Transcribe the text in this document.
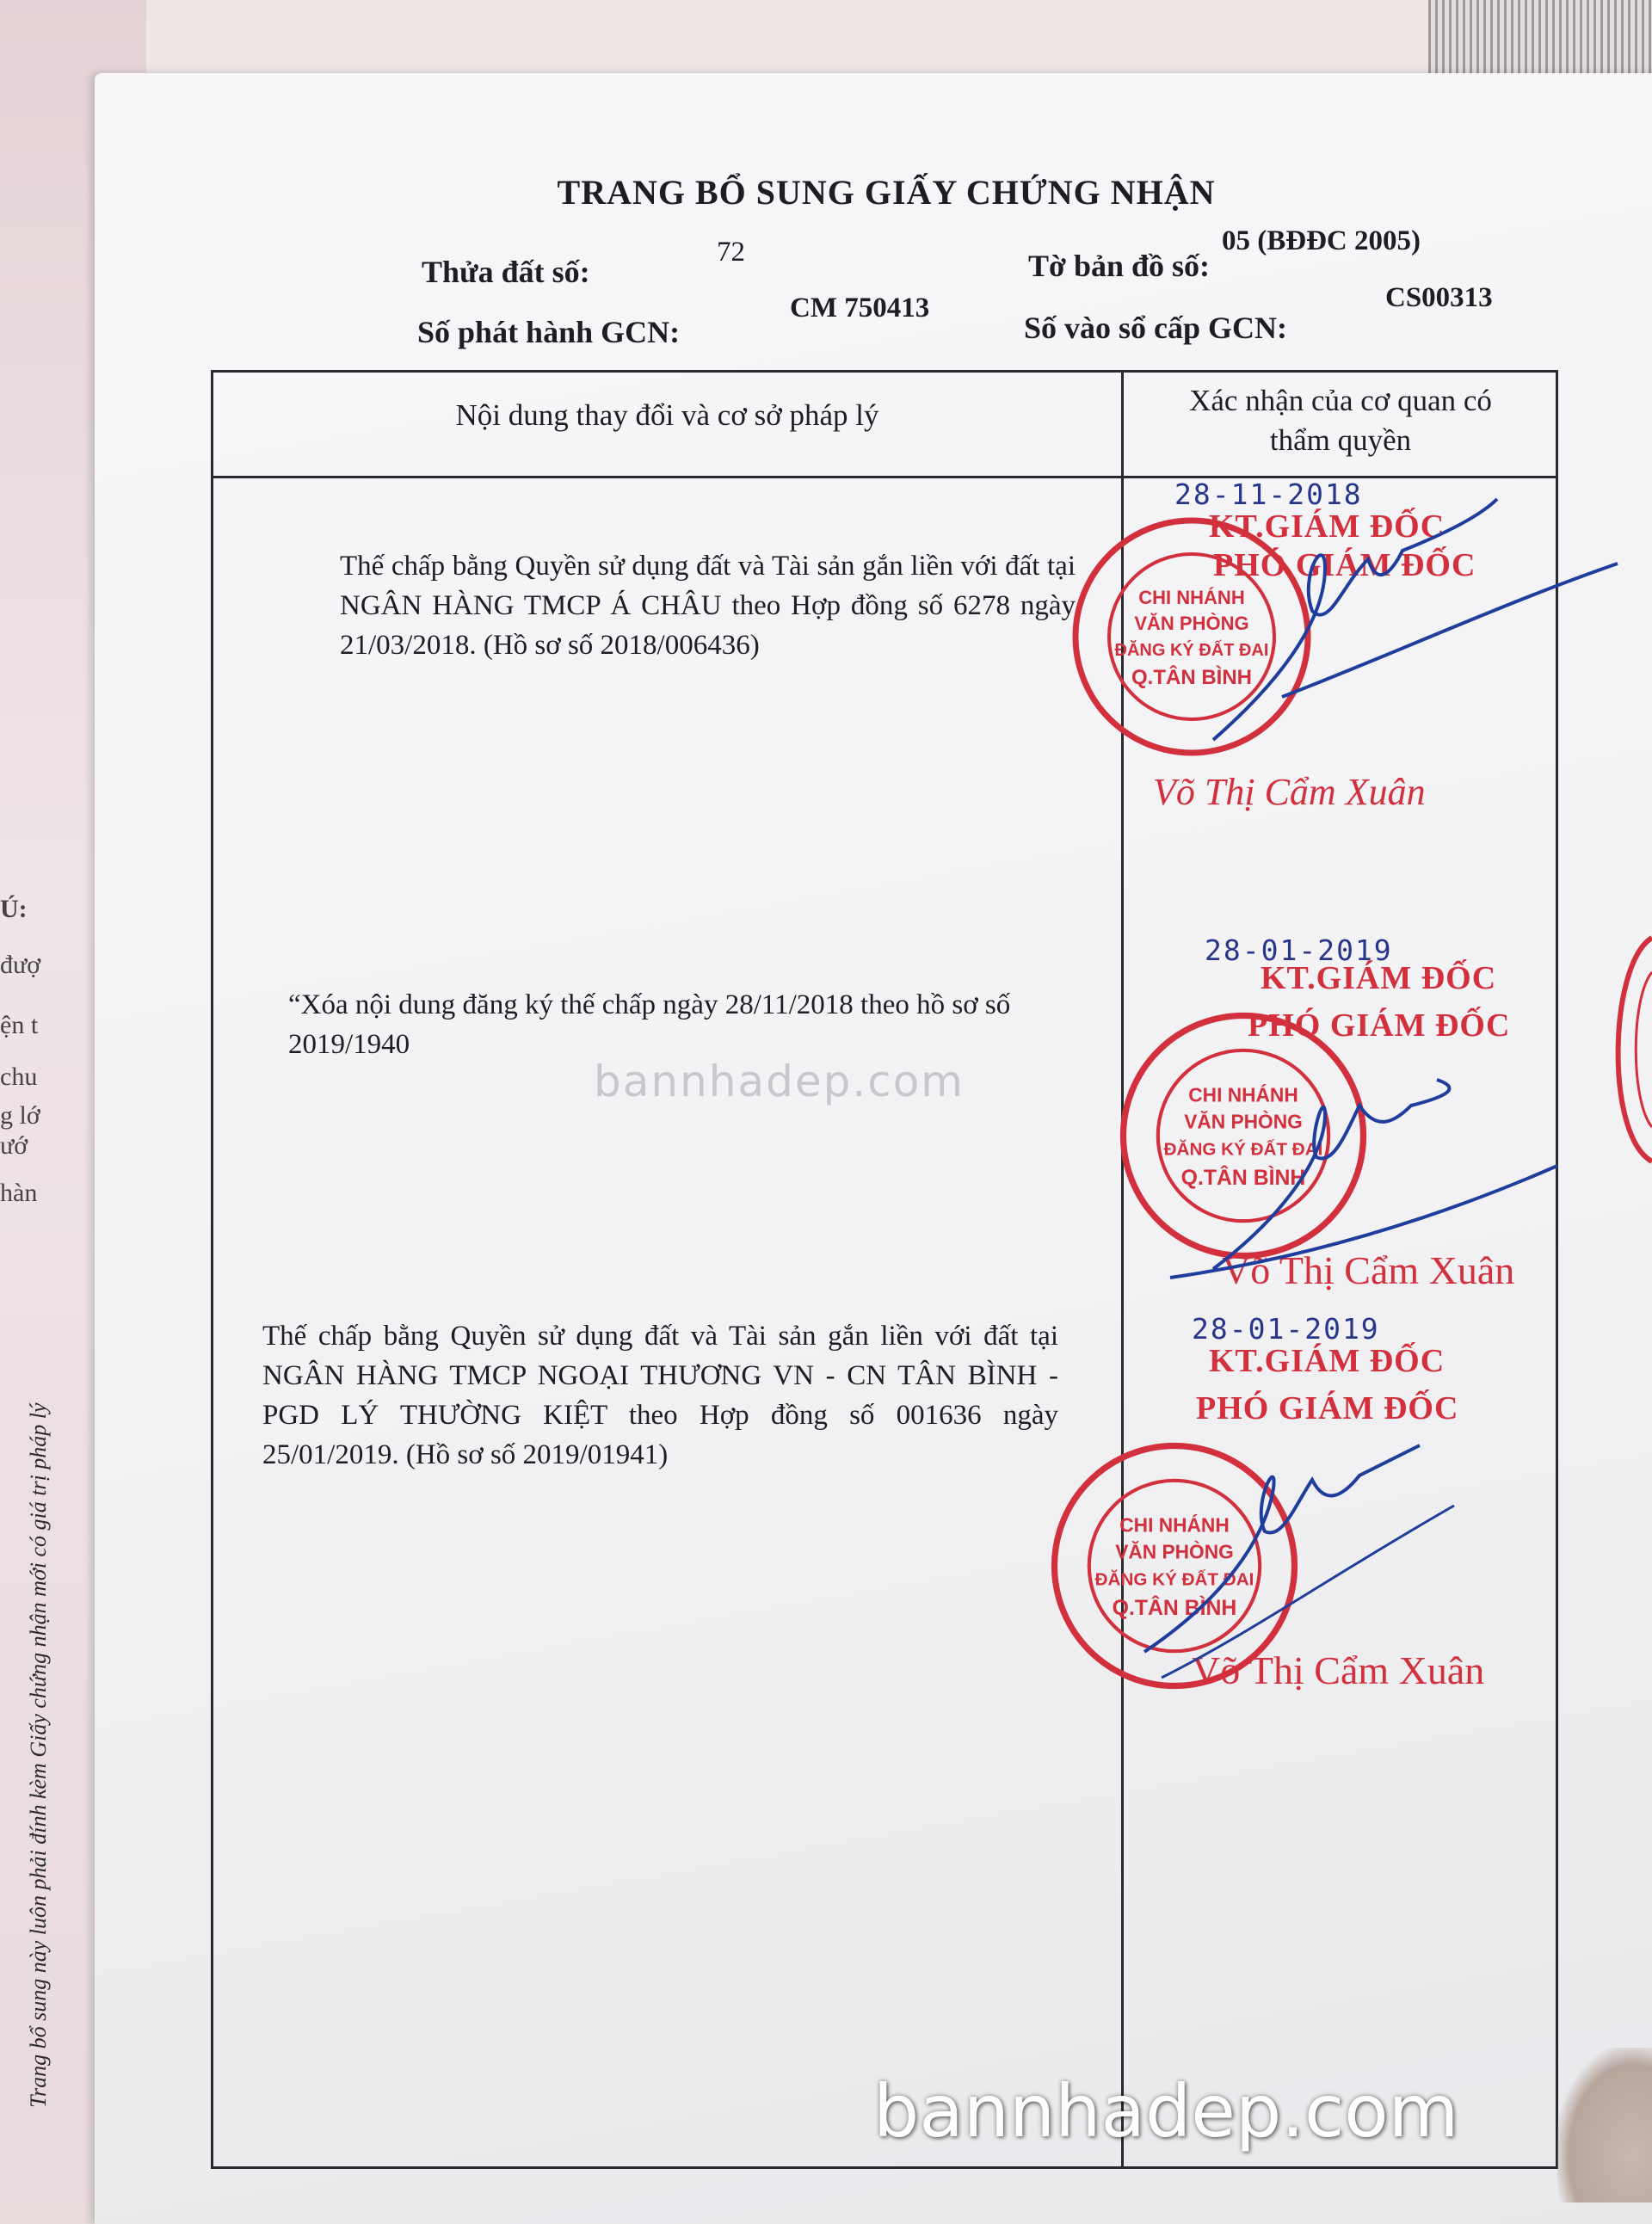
Ú:
đượ
ện t
chu
g lớ
ướ
hàn
TRANG BỔ SUNG GIẤY CHỨNG NHẬN
Thửa đất số:
72	Tờ bản đồ số:
05 (BĐĐC 2005)
Số phát hành GCN:
CM 750413
Số vào sổ cấp GCN:
CS00313
Nội dung thay đổi và cơ sở pháp lý	Xác nhận của cơ quan có
thẩm quyền
Thế chấp bằng Quyền sử dụng đất và Tài sản gắn liền với đất tại NGÂN HÀNG TMCP Á CHÂU theo Hợp đồng số 6278 ngày 21/03/2018. (Hồ sơ số 2018/006436)
“Xóa nội dung đăng ký thế chấp ngày 28/11/2018 theo hồ sơ số 2019/1940
Thế chấp bằng Quyền sử dụng đất và Tài sản gắn liền với đất tại NGÂN HÀNG TMCP NGOẠI THƯƠNG VN - CN TÂN BÌNH - PGD LÝ THƯỜNG KIỆT theo Hợp đồng số 001636 ngày 25/01/2019. (Hồ sơ số 2019/01941)
CHI NHÁNH
VĂN PHÒNG
ĐĂNG KÝ ĐẤT ĐAI
Q.TÂN BÌNH
28-11-2018
KT.GIÁM ĐỐC
PHÓ GIÁM ĐỐC
Võ Thị Cẩm Xuân
CHI NHÁNH
VĂN PHÒNG
ĐĂNG KÝ ĐẤT ĐAI
Q.TÂN BÌNH
28-01-2019
KT.GIÁM ĐỐC
PHÓ GIÁM ĐỐC
Võ Thị Cẩm Xuân
CHI NHÁNH
VĂN PHÒNG
ĐĂNG KÝ ĐẤT ĐAI
Q.TÂN BÌNH
28-01-2019
KT.GIÁM ĐỐC
PHÓ GIÁM ĐỐC
Võ Thị Cẩm Xuân
Trang bổ sung này luôn phải đính kèm Giấy chứng nhận mới có giá trị pháp lý
bannhadep.com
bannhadep.com
